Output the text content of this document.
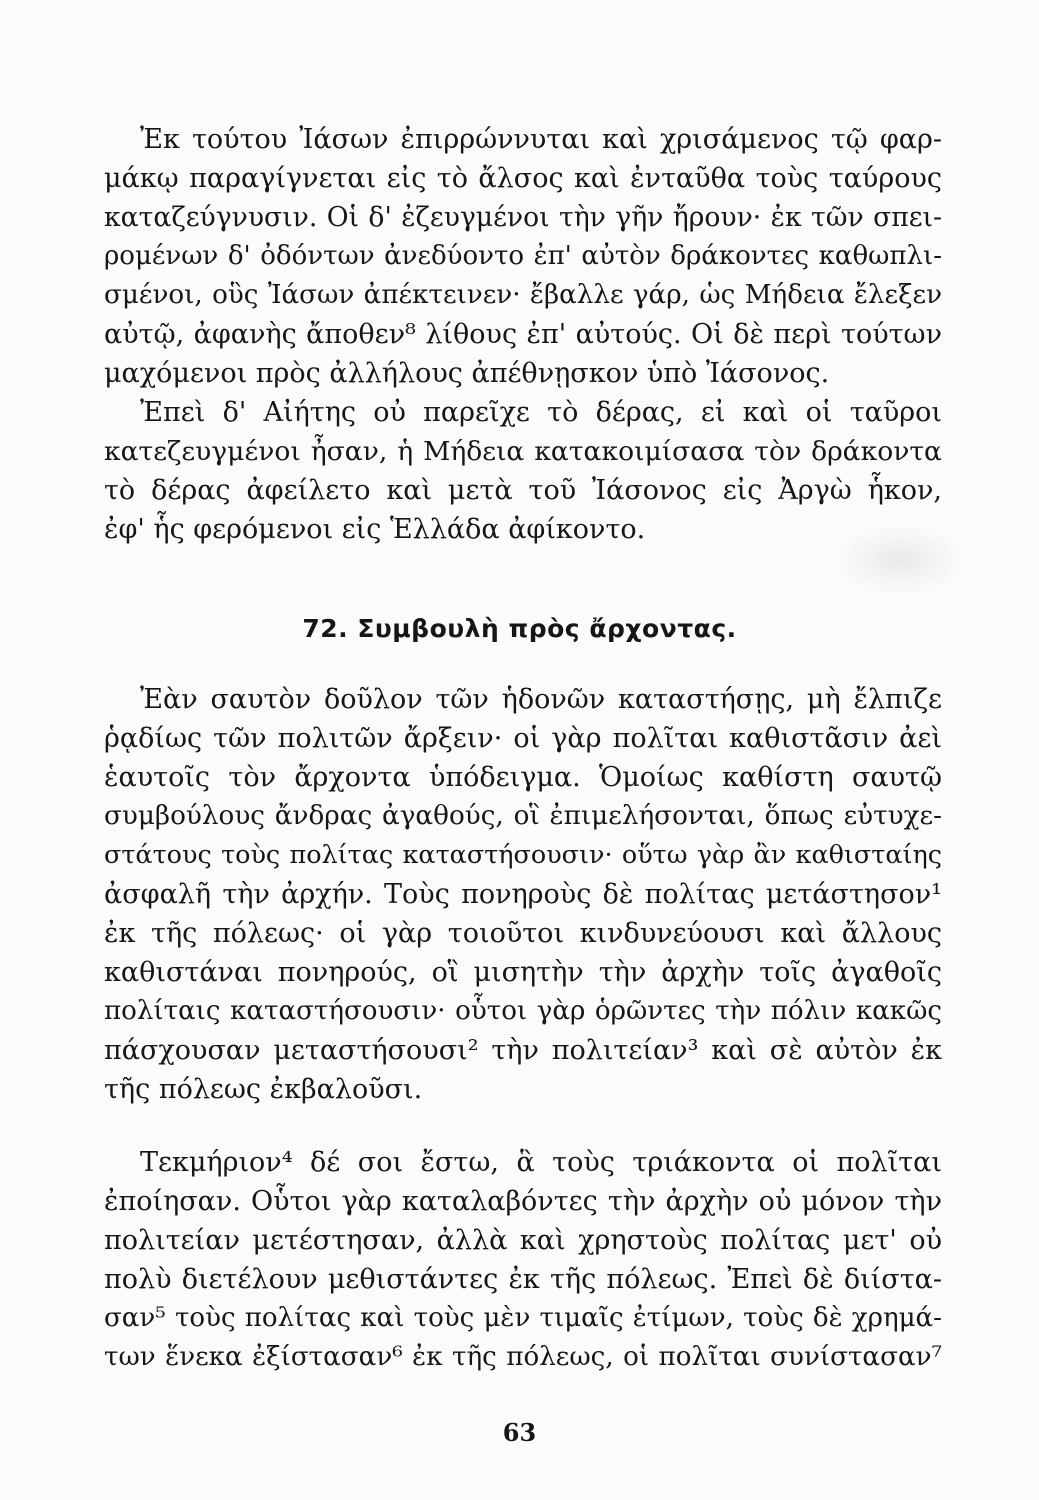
Ἐκ τούτου Ἰάσων ἐπιρρώννυται καὶ χρισάμενος τῷ φαρ-
μάκῳ παραγίγνεται εἰς τὸ ἄλσος καὶ ἐνταῦθα τοὺς ταύρους
καταζεύγνυσιν. Οἱ δ' ἐζευγμένοι τὴν γῆν ἤρουν· ἐκ τῶν σπει-
ρομένων δ' ὀδόντων ἀνεδύοντο ἐπ' αὐτὸν δράκοντες καθωπλι-
σμένοι, οὓς Ἰάσων ἀπέκτεινεν· ἔβαλλε γάρ, ὡς Μήδεια ἔλεξεν
αὐτῷ, ἀφανὴς ἄποθεν⁸ λίθους ἐπ' αὐτούς. Οἱ δὲ περὶ τούτων
μαχόμενοι πρὸς ἀλλήλους ἀπέθνῃσκον ὑπὸ Ἰάσονος.
Ἐπεὶ δ' Αἰήτης οὐ παρεῖχε τὸ δέρας, εἰ καὶ οἱ ταῦροι
κατεζευγμένοι ἦσαν, ἡ Μήδεια κατακοιμίσασα τὸν δράκοντα
τὸ δέρας ἀφείλετο καὶ μετὰ τοῦ Ἰάσονος εἰς Ἀργὼ ἧκον,
ἐφ' ἧς φερόμενοι εἰς Ἑλλάδα ἀφίκοντο.
72. Συμβουλὴ πρὸς ἄρχοντας.
Ἐὰν σαυτὸν δοῦλον τῶν ἡδονῶν καταστήσῃς, μὴ ἔλπιζε
ῥᾳδίως τῶν πολιτῶν ἄρξειν· οἱ γὰρ πολῖται καθιστᾶσιν ἀεὶ
ἑαυτοῖς τὸν ἄρχοντα ὑπόδειγμα. Ὁμοίως καθίστη σαυτῷ
συμβούλους ἄνδρας ἀγαθούς, οἳ ἐπιμελήσονται, ὅπως εὐτυχε-
στάτους τοὺς πολίτας καταστήσουσιν· οὕτω γὰρ ἂν καθισταίης
ἀσφαλῆ τὴν ἀρχήν. Τοὺς πονηροὺς δὲ πολίτας μετάστησον¹
ἐκ τῆς πόλεως· οἱ γὰρ τοιοῦτοι κινδυνεύουσι καὶ ἄλλους
καθιστάναι πονηρούς, οἳ μισητὴν τὴν ἀρχὴν τοῖς ἀγαθοῖς
πολίταις καταστήσουσιν· οὗτοι γὰρ ὁρῶντες τὴν πόλιν κακῶς
πάσχουσαν μεταστήσουσι² τὴν πολιτείαν³ καὶ σὲ αὐτὸν ἐκ
τῆς πόλεως ἐκβαλοῦσι.
Τεκμήριον⁴ δέ σοι ἔστω, ἃ τοὺς τριάκοντα οἱ πολῖται
ἐποίησαν. Οὗτοι γὰρ καταλαβόντες τὴν ἀρχὴν οὐ μόνον τὴν
πολιτείαν μετέστησαν, ἀλλὰ καὶ χρηστοὺς πολίτας μετ' οὐ
πολὺ διετέλουν μεθιστάντες ἐκ τῆς πόλεως. Ἐπεὶ δὲ διίστα-
σαν⁵ τοὺς πολίτας καὶ τοὺς μὲν τιμαῖς ἐτίμων, τοὺς δὲ χρημά-
των ἕνεκα ἐξίστασαν⁶ ἐκ τῆς πόλεως, οἱ πολῖται συνίστασαν⁷
63
